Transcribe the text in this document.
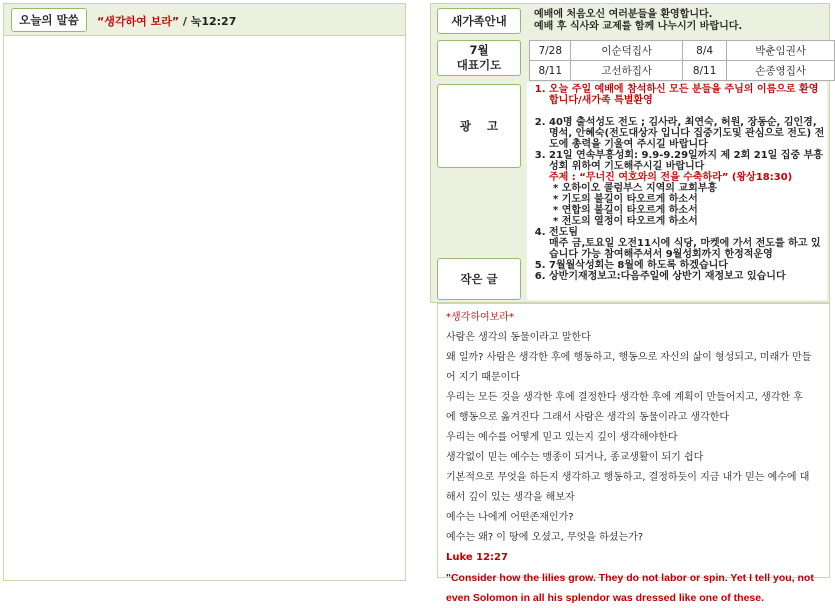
오늘의 말씀 “생각하여 보라” / 눅12:27	새가족안내	예배에 처음오신 여러분들을 환영합니다.
예배 후 식사와 교제를 함께 나누시기 바랍니다.
7월
대표기도
7/28	이순덕집사	8/4	박춘임권사
8/11	고선하집사	8/11	손종영집사
광    고
1. 오늘 주일 예배에 참석하신 모든 분들을 주님의 이름으로 환영합니다/새가족 특별환영

2. 40명 출석성도 전도 ; 김사라, 최연숙, 허원, 장동순, 김인경, 명석, 안혜숙(전도대상자 입니다 집중기도및 관심으로 전도) 전도에 총력을 기울여 주시길 바랍니다
3. 21일 연속부흥성회: 9.9-9.29일까지 제 2회 21일 집중 부흥성회 위하여 기도해주시길 바랍니다
주제 : “무너진 여호와의 전을 수축하라” (왕상18:30)
* 오하이오 콜럼부스 지역의 교회부흥
* 기도의 불길이 타오르게 하소서
* 연합의 불길이 타오르게 하소서
* 전도의 열정이 타오르게 하소서
4. 전도팀
매주 금,토요일 오전11시에 식당, 마켓에 가서 전도를 하고 있습니다 가능 참여해주셔서 9월성회까지 한정적운영
5. 7월월삭성회는 8월에 하도록 하겠습니다
6. 상반기재정보고:다음주일에 상반기 재정보고 있습니다
작은 글

*생각하여보라*

사람은 생각의 동물이라고 말한다

왜 일까? 사람은 생각한 후에 행동하고, 행동으로 자신의 삶이 형성되고, 미래가 만들

어 지기 때문이다

우리는 모든 것을 생각한 후에 결정한다 생각한 후에 계획이 만들어지고, 생각한 후

에 행동으로 옮겨진다 그래서 사람은 생각의 동물이라고 생각한다

우리는 예수를 어떻게 믿고 있는지 깊이 생각해야한다

생각없이 믿는 예수는 맹종이 되거나, 종교생활이 되기 쉽다

기본적으로 무엇을 하든지 생각하고 행동하고, 결정하듯이 지금 내가 믿는 예수에 대

해서 깊이 있는 생각을 해보자

예수는 나에게 어떤존재인가?

예수는 왜? 이 땅에 오셨고, 무엇을 하셨는가?

Luke 12:27

"Consider how the lilies grow. They do not labor or spin. Yet I tell you, not

even Solomon in all his splendor was dressed like one of these.
